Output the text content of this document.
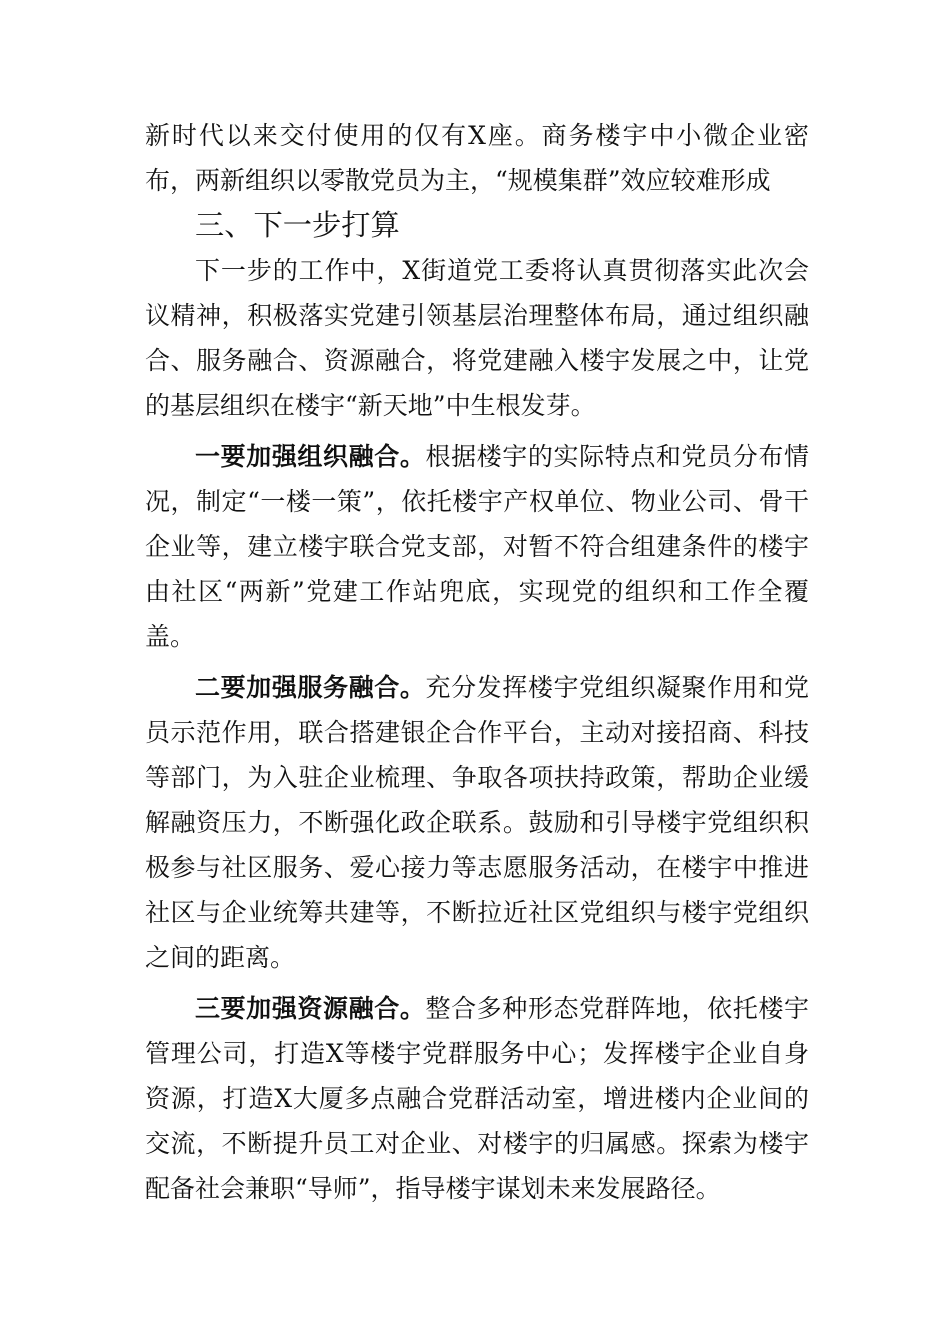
新时代以来交付使用的仅有X座。商务楼宇中小微企业密布，两新组织以零散党员为主，“规模集群”效应较难形成

三、下一步打算

下一步的工作中，X街道党工委将认真贯彻落实此次会议精神，积极落实党建引领基层治理整体布局，通过组织融合、服务融合、资源融合，将党建融入楼宇发展之中，让党的基层组织在楼宇“新天地”中生根发芽。

一要加强组织融合。根据楼宇的实际特点和党员分布情况，制定“一楼一策”，依托楼宇产权单位、物业公司、骨干企业等，建立楼宇联合党支部，对暂不符合组建条件的楼宇由社区“两新”党建工作站兜底，实现党的组织和工作全覆盖。

二要加强服务融合。充分发挥楼宇党组织凝聚作用和党员示范作用，联合搭建银企合作平台，主动对接招商、科技等部门，为入驻企业梳理、争取各项扶持政策，帮助企业缓解融资压力，不断强化政企联系。鼓励和引导楼宇党组织积极参与社区服务、爱心接力等志愿服务活动，在楼宇中推进社区与企业统筹共建等，不断拉近社区党组织与楼宇党组织之间的距离。

三要加强资源融合。整合多种形态党群阵地，依托楼宇管理公司，打造X等楼宇党群服务中心；发挥楼宇企业自身资源，打造X大厦多点融合党群活动室，增进楼内企业间的交流，不断提升员工对企业、对楼宇的归属感。探索为楼宇配备社会兼职“导师”，指导楼宇谋划未来发展路径。
